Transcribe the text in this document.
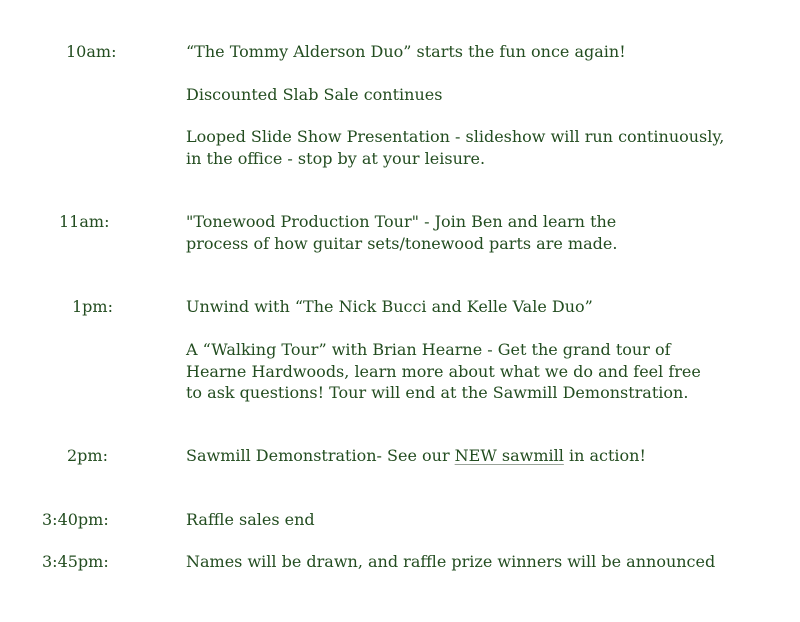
10am:	“The Tommy Alderson Duo” starts the fun once again!
Discounted Slab Sale continues
Looped Slide Show Presentation - slideshow will run continuously,
in the office - stop by at your leisure.
11am:	"Tonewood Production Tour" - Join Ben and learn the
process of how guitar sets/tonewood parts are made.
1pm:	Unwind with “The Nick Bucci and Kelle Vale Duo”
A “Walking Tour” with Brian Hearne - Get the grand tour of
Hearne Hardwoods, learn more about what we do and feel free
to ask questions! Tour will end at the Sawmill Demonstration.
2pm:	Sawmill Demonstration- See our NEW sawmill in action!
3:40pm:	Raffle sales end
3:45pm:	Names will be drawn, and raffle prize winners will be announced
